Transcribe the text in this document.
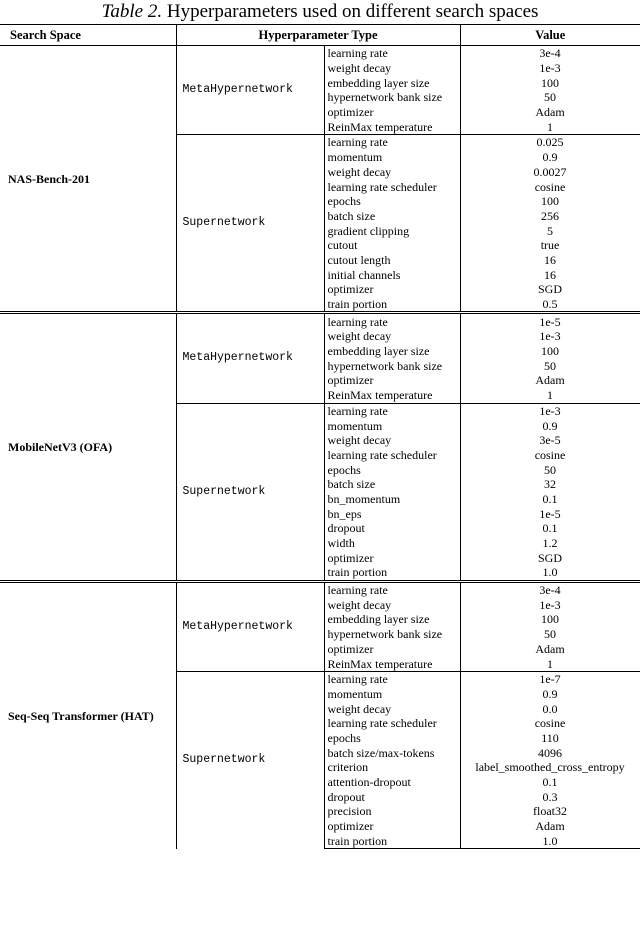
Table 2. Hyperparameters used on different search spaces
Search Space	Hyperparameter Type		Value
NAS-Bench-201	MetaHypernetwork	learning rate	3e-4
		weight decay	1e-3
		embedding layer size	100
		hypernetwork bank size	50
		optimizer	Adam
		ReinMax temperature	1
	Supernetwork	learning rate	0.025
		momentum	0.9
		weight decay	0.0027
		learning rate scheduler	cosine
		epochs	100
		batch size	256
		gradient clipping	5
		cutout	true
		cutout length	16
		initial channels	16
		optimizer	SGD
		train portion	0.5
MobileNetV3 (OFA)	MetaHypernetwork	learning rate	1e-5
		weight decay	1e-3
		embedding layer size	100
		hypernetwork bank size	50
		optimizer	Adam
		ReinMax temperature	1
	Supernetwork	learning rate	1e-3
		momentum	0.9
		weight decay	3e-5
		learning rate scheduler	cosine
		epochs	50
		batch size	32
		bn_momentum	0.1
		bn_eps	1e-5
		dropout	0.1
		width	1.2
		optimizer	SGD
		train portion	1.0
Seq-Seq Transformer (HAT)	MetaHypernetwork	learning rate	3e-4
		weight decay	1e-3
		embedding layer size	100
		hypernetwork bank size	50
		optimizer	Adam
		ReinMax temperature	1
	Supernetwork	learning rate	1e-7
		momentum	0.9
		weight decay	0.0
		learning rate scheduler	cosine
		epochs	110
		batch size/max-tokens	4096
		criterion	label_smoothed_cross_entropy
		attention-dropout	0.1
		dropout	0.3
		precision	float32
		optimizer	Adam
		train portion	1.0
